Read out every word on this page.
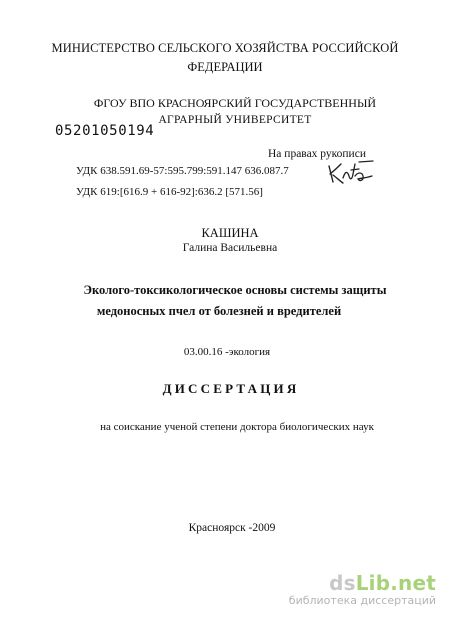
МИНИСТЕРСТВО СЕЛЬСКОГО ХОЗЯЙСТВА РОССИЙСКОЙ
ФЕДЕРАЦИИ
ФГОУ ВПО КРАСНОЯРСКИЙ ГОСУДАРСТВЕННЫЙ
АГРАРНЫЙ УНИВЕРСИТЕТ
05201050194
На правах рукописи
УДК 638.591.69-57:595.799:591.147 636.087.7
УДК 619:[616.9 + 616-92]:636.2 [571.56]
КАШИНА
Галина Васильевна
Эколого-токсикологическое основы системы защиты
медоносных пчел от болезней и вредителей
03.00.16 -экология
ДИССЕРТАЦИЯ
на соискание ученой степени доктора биологических наук
Красноярск -2009
dsLib.net
библиотека диссертаций
